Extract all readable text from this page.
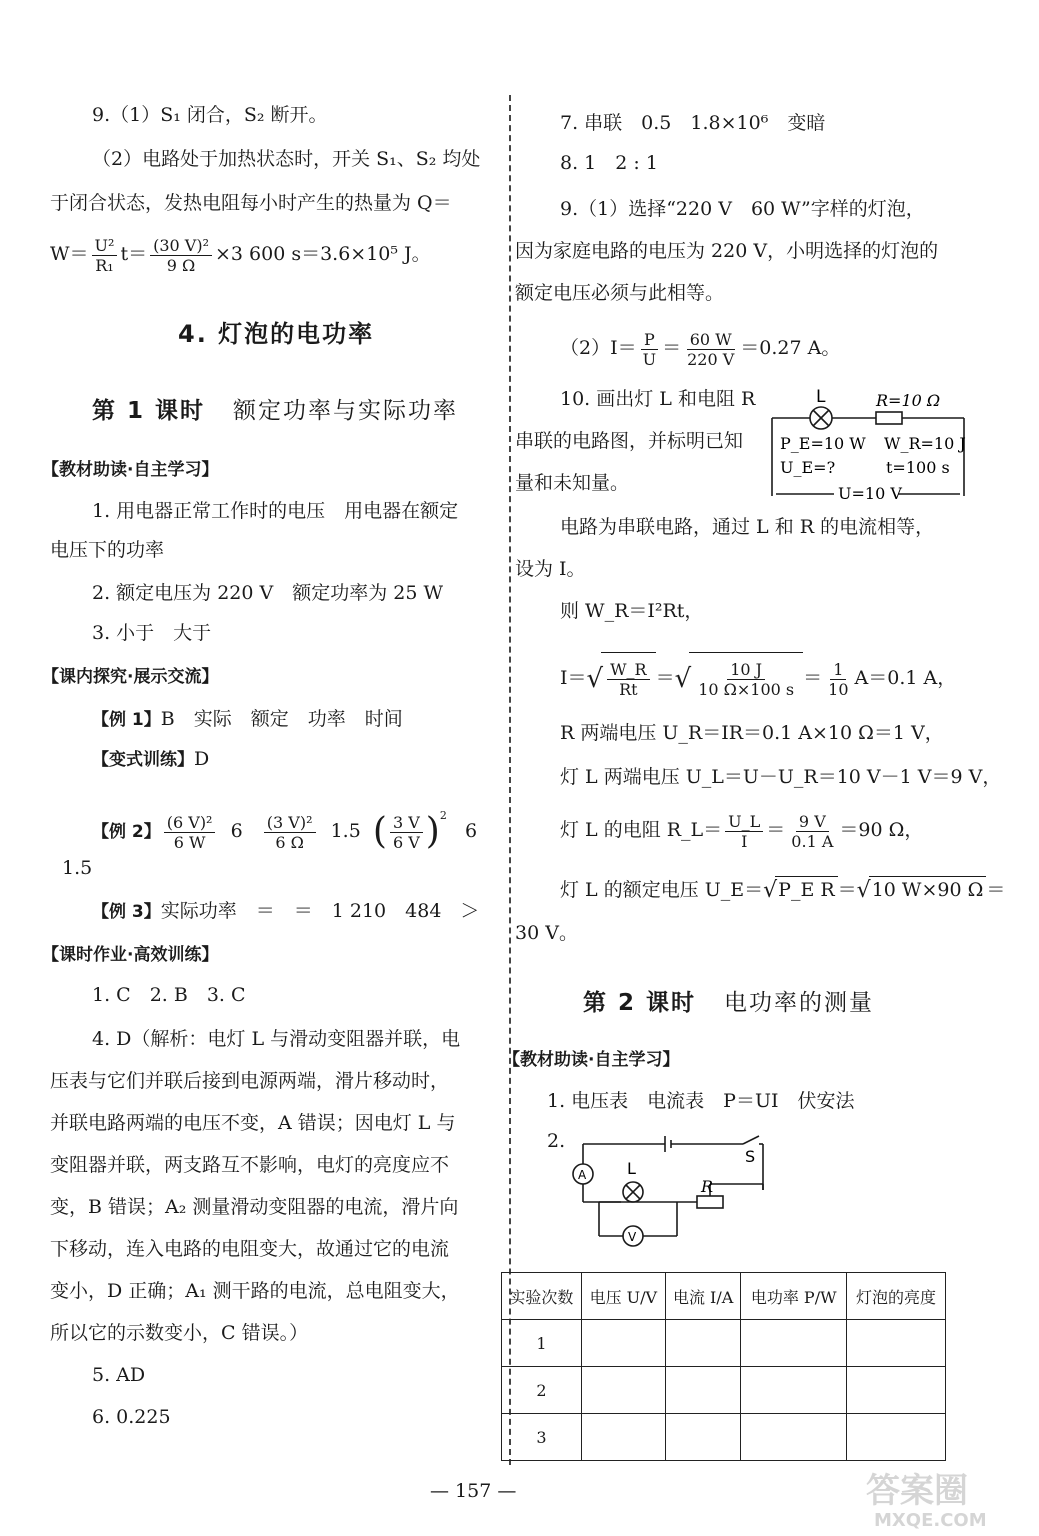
9.（1）S₁ 闭合，S₂ 断开。
（2）电路处于加热状态时，开关 S₁、S₂ 均处
于闭合状态，发热电阻每小时产生的热量为 Q＝
$W= \frac{\text{U²}}{\text{R₁}} t= \frac{\text{(30 V)²}}{9 \Omega} \times 3$ 600 s＝3.6×10⁵ J。
4. 灯泡的电功率
第 1 课时 额定功率与实际功率
【教材助读·自主学习】
1. 用电器正常工作时的电压　用电器在额定
电压下的功率
2. 额定电压为 220 V　额定功率为 25 W
3. 小于　大于
【课内探究·展示交流】
【例 1】B　实际　额定　功率　时间
【变式训练】D
【例 2】 $\frac{\text{(6 V)²}}{6 W} 6 \frac{\text{(3 V)²}}{6 \Omega} 1.5$ ( $\frac{3 V}{6 V} )^2$   6
1.5
【例 3】实际功率　＝　＝　1 210　484　＞
【课时作业·高效训练】
1. C　2. B　3. C
4. D（解析：电灯 L 与滑动变阻器并联，电
压表与它们并联后接到电源两端，滑片移动时，
并联电路两端的电压不变，A 错误；因电灯 L 与
变阻器并联，两支路互不影响，电灯的亮度应不
变，B 错误；A₂ 测量滑动变阻器的电流，滑片向
下移动，连入电路的电阻变大，故通过它的电流
变小，D 正确；A₁ 测干路的电流，总电阻变大，
所以它的示数变小，C 错误。）
5. AD
6. 0.225
7. 串联　0.5　1.8×10⁶　变暗
8. 1　2 : 1
9.（1）选择“220 V　60 W”字样的灯泡，
因为家庭电路的电压为 220 V，小明选择的灯泡的
额定电压必须与此相等。
$(2)I= \frac{P}{U} = \frac{60 W}{220 V} =0.27$ A。
10. 画出灯 L 和电阻 R
串联的电路图，并标明已知
量和未知量。
L	R=10 Ω
P_E=10 W W_R=10 J
U_E=?	t=100 s
U=10 V
电路为串联电路，通过 L 和 R 的电流相等，
设为 I。
则 W_R＝I²Rt，
$I=√ \frac{W\_R}{Rt}$ ＝√ $\frac{10 J}{10 \Omega\times 100 s} = \frac{1}{10} A=0.1$ A，
R 两端电压 U_R＝IR＝0.1 A×10 Ω＝1 V，
灯 L 两端电压 U_L＝U－U_R＝10 V－1 V＝9 V，
灯 L 的电阻 R_L＝ $\frac{U\_L}{I} = \frac{9 V}{0.1 A} =90$ Ω，
灯 L 的额定电压 U_E＝√P_E R ＝√10 W×90 Ω ＝
30 V。
第 2 课时 电功率的测量
【教材助读·自主学习】
1. 电压表　电流表　P＝UI　伏安法
2.
S
L
R
A
V
实验次数	电压 U/V	电流 I/A	电功率 P/W	灯泡的亮度
1				
2				
3				
— 157 —	答案圈
MXQE.COM
